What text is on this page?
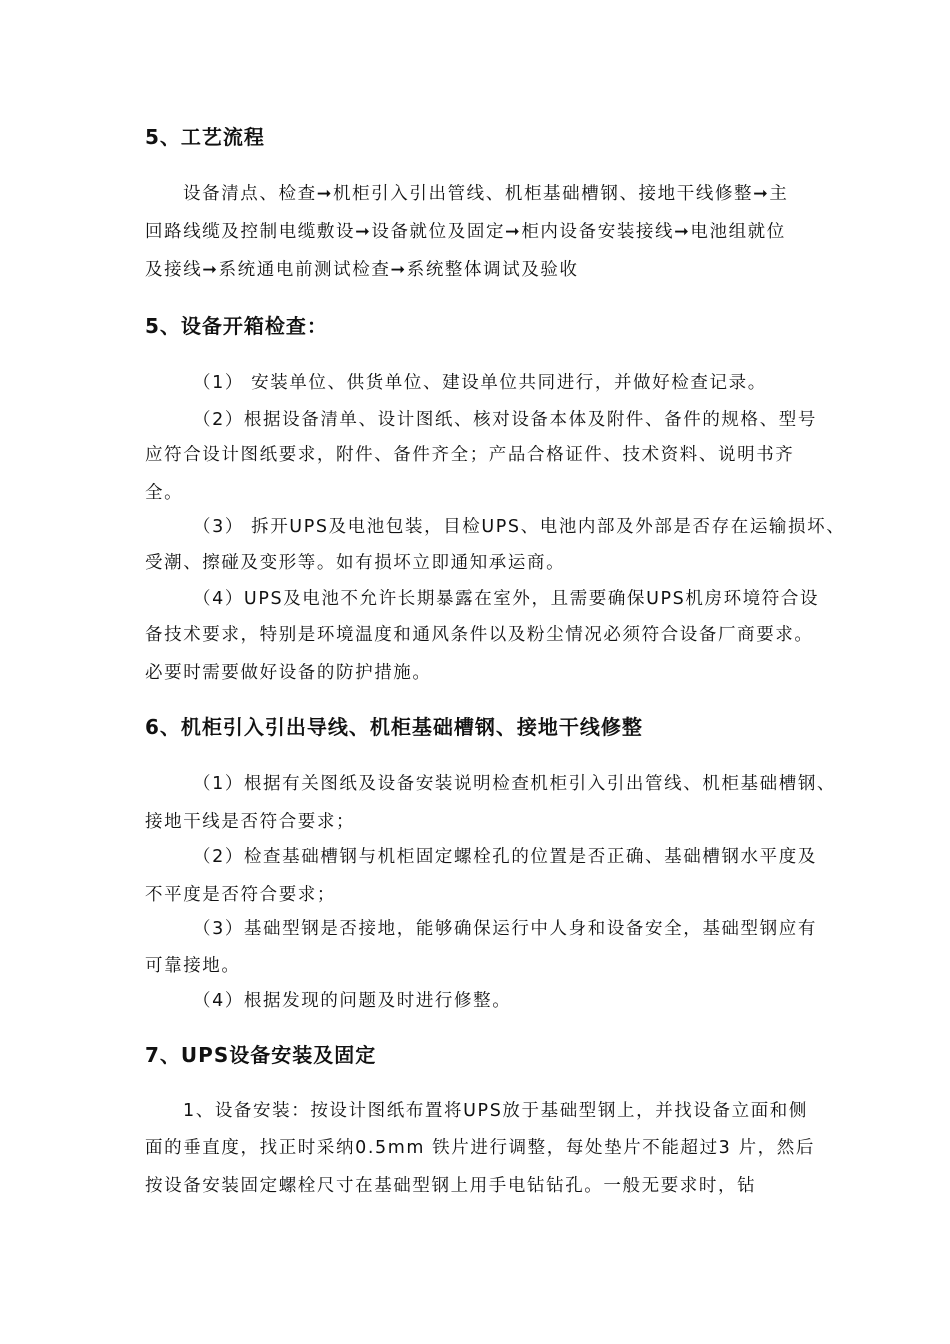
5、工艺流程
设备清点、检查➞机柜引入引出管线、机柜基础槽钢、接地干线修整➞主
回路线缆及控制电缆敷设➞设备就位及固定➞柜内设备安装接线➞电池组就位
及接线➞系统通电前测试检查➞系统整体调试及验收
5、设备开箱检查：
（1） 安装单位、供货单位、建设单位共同进行，并做好检查记录。
（2）根据设备清单、设计图纸、核对设备本体及附件、备件的规格、型号
应符合设计图纸要求，附件、备件齐全；产品合格证件、技术资料、说明书齐
全。
（3） 拆开UPS及电池包装，目检UPS、电池内部及外部是否存在运输损坏、
受潮、擦碰及变形等。如有损坏立即通知承运商。
（4）UPS及电池不允许长期暴露在室外，且需要确保UPS机房环境符合设
备技术要求，特别是环境温度和通风条件以及粉尘情况必须符合设备厂商要求。
必要时需要做好设备的防护措施。
6、机柜引入引出导线、机柜基础槽钢、接地干线修整
（1）根据有关图纸及设备安装说明检查机柜引入引出管线、机柜基础槽钢、
接地干线是否符合要求；
（2）检查基础槽钢与机柜固定螺栓孔的位置是否正确、基础槽钢水平度及
不平度是否符合要求；
（3）基础型钢是否接地，能够确保运行中人身和设备安全，基础型钢应有
可靠接地。
（4）根据发现的问题及时进行修整。
7、UPS设备安装及固定
1、设备安装：按设计图纸布置将UPS放于基础型钢上，并找设备立面和侧
面的垂直度，找正时采纳0.5mm 铁片进行调整，每处垫片不能超过3 片，然后
按设备安装固定螺栓尺寸在基础型钢上用手电钻钻孔。一般无要求时，钻
